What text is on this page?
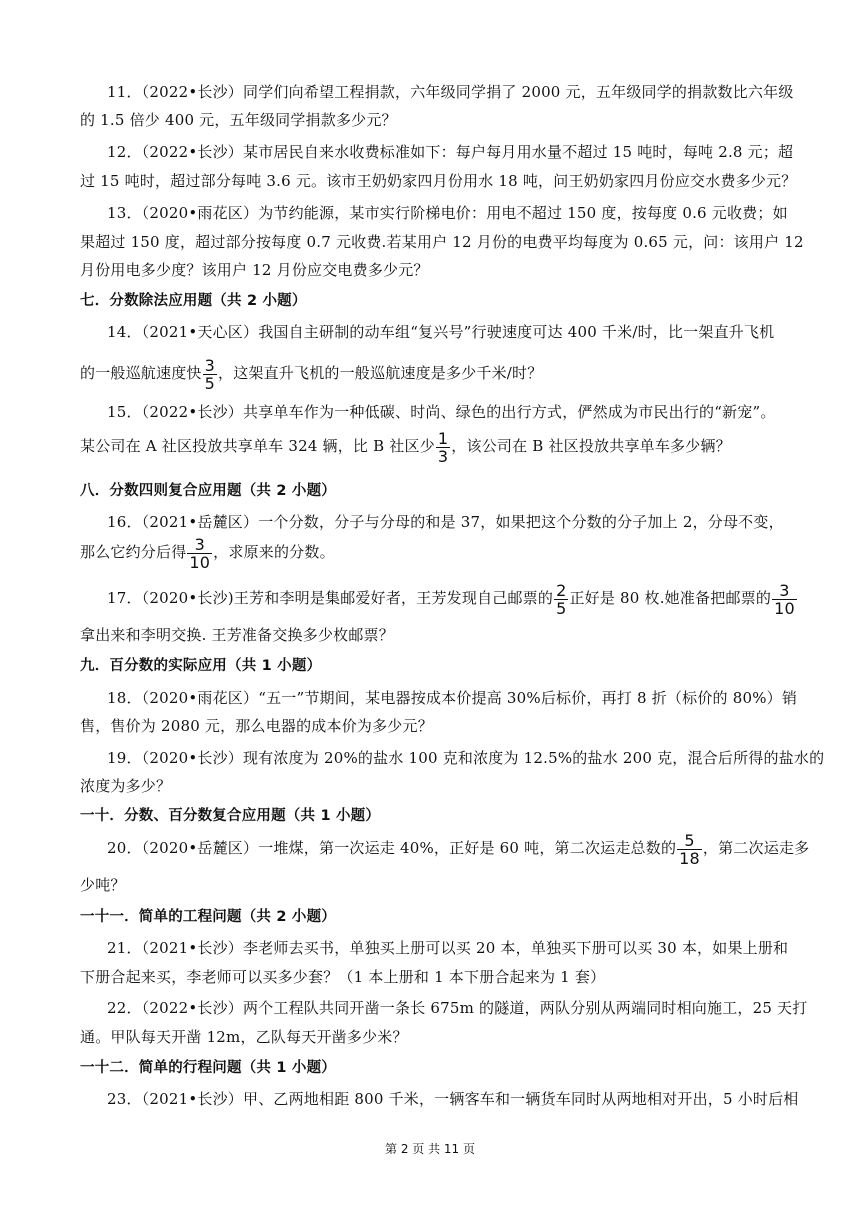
11．（2022•长沙）同学们向希望工程捐款，六年级同学捐了 2000 元，五年级同学的捐款数比六年级
的 1.5 倍少 400 元，五年级同学捐款多少元？
12．（2022•长沙）某市居民自来水收费标准如下：每户每月用水量不超过 15 吨时，每吨 2.8 元；超
过 15 吨时，超过部分每吨 3.6 元。该市王奶奶家四月份用水 18 吨，问王奶奶家四月份应交水费多少元？
13．（2020•雨花区）为节约能源，某市实行阶梯电价：用电不超过 150 度，按每度 0.6 元收费；如
果超过 150 度，超过部分按每度 0.7 元收费.若某用户 12 月份的电费平均每度为 0.65 元，问：该用户 12
月份用电多少度？该用户 12 月份应交电费多少元？
七．分数除法应用题（共 2 小题）
14．（2021•天心区）我国自主研制的动车组“复兴号”行驶速度可达 400 千米/时，比一架直升飞机
的一般巡航速度快 $\frac{3}{5}$ ，这架直升飞机的一般巡航速度是多少千米/时？
15．（2022•长沙）共享单车作为一种低碳、时尚、绿色的出行方式，俨然成为市民出行的“新宠”。
某公司在 A 社区投放共享单车 324 辆，比 B 社区少 $\frac{1}{3}$ ，该公司在 B 社区投放共享单车多少辆？
八．分数四则复合应用题（共 2 小题）
16．（2021•岳麓区）一个分数，分子与分母的和是 37，如果把这个分数的分子加上 2，分母不变，
那么它约分后得 $\frac{3}{10}$ ，求原来的分数。
17．（2020•长沙)王芳和李明是集邮爱好者，王芳发现自己邮票的 $\frac{2}{5}$ 正好是 80 枚.她准备把邮票的 $\frac{3}{10}$
拿出来和李明交换. 王芳准备交换多少枚邮票？
九．百分数的实际应用（共 1 小题）
18．（2020•雨花区）“五一”节期间，某电器按成本价提高 30%后标价，再打 8 折（标价的 80%）销
售，售价为 2080 元，那么电器的成本价为多少元？
19．（2020•长沙）现有浓度为 20%的盐水 100 克和浓度为 12.5%的盐水 200 克，混合后所得的盐水的
浓度为多少？
一十．分数、百分数复合应用题（共 1 小题）
20．（2020•岳麓区）一堆煤，第一次运走 40%，正好是 60 吨，第二次运走总数的 $\frac{5}{18}$ ，第二次运走多
少吨？
一十一．简单的工程问题（共 2 小题）
21．（2021•长沙）李老师去买书，单独买上册可以买 20 本，单独买下册可以买 30 本，如果上册和
下册合起来买，李老师可以买多少套？（1 本上册和 1 本下册合起来为 1 套）
22．（2022•长沙）两个工程队共同开凿一条长 675m 的隧道，两队分别从两端同时相向施工，25 天打
通。甲队每天开凿 12m，乙队每天开凿多少米？
一十二．简单的行程问题（共 1 小题）
23．（2021•长沙）甲、乙两地相距 800 千米，一辆客车和一辆货车同时从两地相对开出，5 小时后相
第 2 页 共 11 页
